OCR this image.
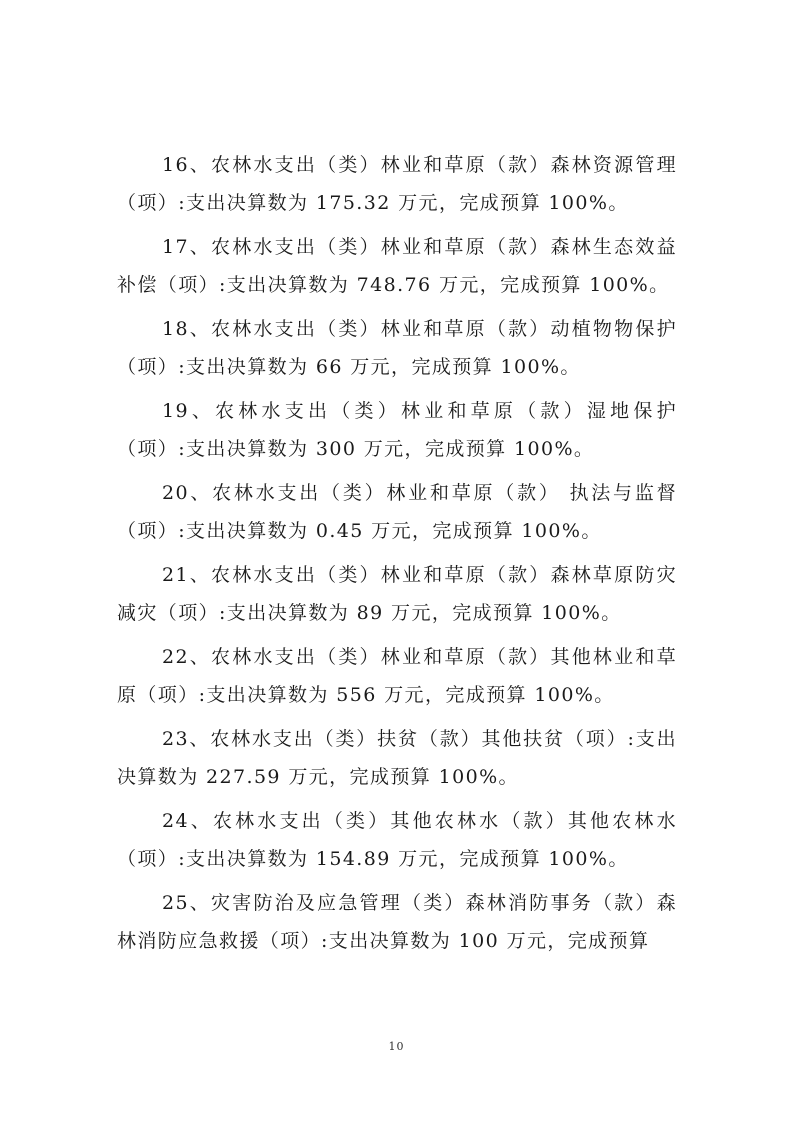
16、农林水支出（类）林业和草原（款）森林资源管理（项）:支出决算数为 175.32 万元，完成预算 100%。

17、农林水支出（类）林业和草原（款）森林生态效益补偿（项）:支出决算数为 748.76 万元，完成预算 100%。

18、农林水支出（类）林业和草原（款）动植物物保护（项）:支出决算数为 66 万元，完成预算 100%。

19、农林水支出（类）林业和草原（款）湿地保护（项）:支出决算数为 300 万元，完成预算 100%。

20、农林水支出（类）林业和草原（款） 执法与监督（项）:支出决算数为 0.45 万元，完成预算 100%。

21、农林水支出（类）林业和草原（款）森林草原防灾减灾（项）:支出决算数为 89 万元，完成预算 100%。

22、农林水支出（类）林业和草原（款）其他林业和草原（项）:支出决算数为 556 万元，完成预算 100%。

23、农林水支出（类）扶贫（款）其他扶贫（项）:支出决算数为 227.59 万元，完成预算 100%。

24、农林水支出（类）其他农林水（款）其他农林水（项）:支出决算数为 154.89 万元，完成预算 100%。

25、灾害防治及应急管理（类）森林消防事务（款）森林消防应急救援（项）:支出决算数为 100 万元，完成预算

10
